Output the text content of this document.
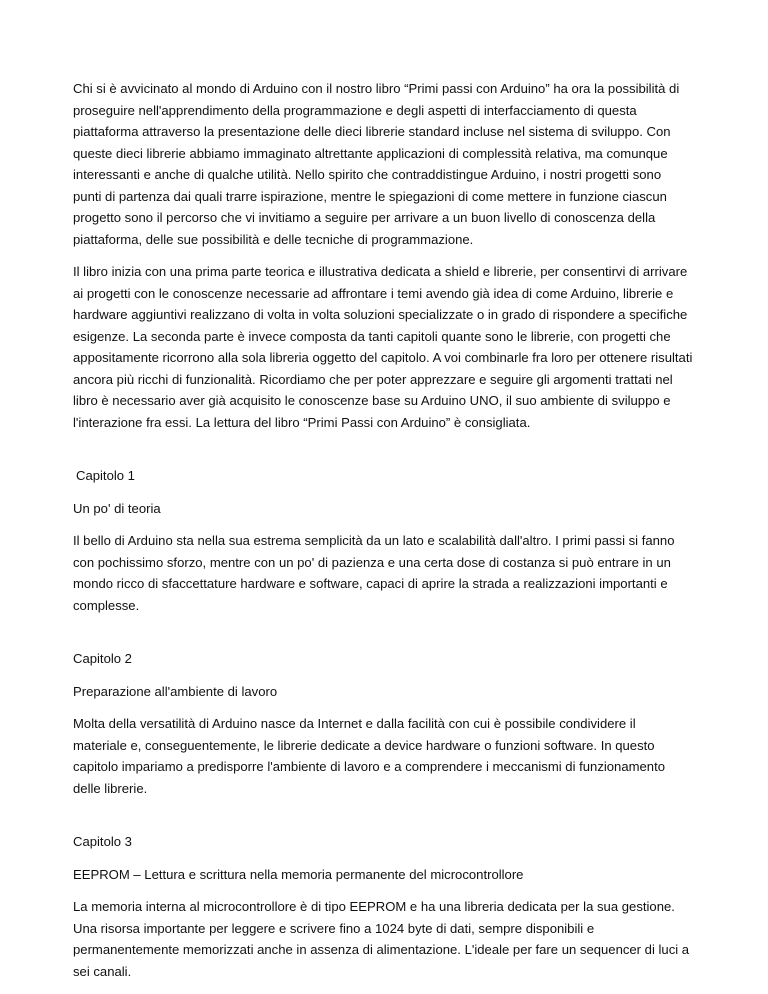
Chi si è avvicinato al mondo di Arduino con il nostro libro “Primi passi con Arduino” ha ora la possibilità di proseguire nell'apprendimento della programmazione e degli aspetti di interfacciamento di questa piattaforma attraverso la presentazione delle dieci librerie standard incluse nel sistema di sviluppo. Con queste dieci librerie abbiamo immaginato altrettante applicazioni di complessità relativa, ma comunque interessanti e anche di qualche utilità. Nello spirito che contraddistingue Arduino, i nostri progetti sono punti di partenza dai quali trarre ispirazione, mentre le spiegazioni di come mettere in funzione ciascun progetto sono il percorso che vi invitiamo a seguire per arrivare a un buon livello di conoscenza della piattaforma, delle sue possibilità e delle tecniche di programmazione.

Il libro inizia con una prima parte teorica e illustrativa dedicata a shield e librerie, per consentirvi di arrivare ai progetti con le conoscenze necessarie ad affrontare i temi avendo già idea di come Arduino, librerie e hardware aggiuntivi realizzano di volta in volta soluzioni specializzate o in grado di rispondere a specifiche esigenze. La seconda parte è invece composta da tanti capitoli quante sono le librerie, con progetti che appositamente ricorrono alla sola libreria oggetto del capitolo. A voi combinarle fra loro per ottenere risultati ancora più ricchi di funzionalità. Ricordiamo che per poter apprezzare e seguire gli argomenti trattati nel libro è necessario aver già acquisito le conoscenze base su Arduino UNO, il suo ambiente di sviluppo e l'interazione fra essi. La lettura del libro “Primi Passi con Arduino” è consigliata.

Capitolo 1

Un po' di teoria

Il bello di Arduino sta nella sua estrema semplicità da un lato e scalabilità dall'altro. I primi passi si fanno con pochissimo sforzo, mentre con un po' di pazienza e una certa dose di costanza si può entrare in un mondo ricco di sfaccettature hardware e software, capaci di aprire la strada a realizzazioni importanti e complesse.

Capitolo 2

Preparazione all'ambiente di lavoro

Molta della versatilità di Arduino nasce da Internet e dalla facilità con cui è possibile condividere il materiale e, conseguentemente, le librerie dedicate a device hardware o funzioni software. In questo capitolo impariamo a predisporre l'ambiente di lavoro e a comprendere i meccanismi di funzionamento delle librerie.

Capitolo 3

EEPROM – Lettura e scrittura nella memoria permanente del microcontrollore

La memoria interna al microcontrollore è di tipo EEPROM e ha una libreria dedicata per la sua gestione. Una risorsa importante per leggere e scrivere fino a 1024 byte di dati, sempre disponibili e permanentemente memorizzati anche in assenza di alimentazione. L'ideale per fare un sequencer di luci a sei canali.
